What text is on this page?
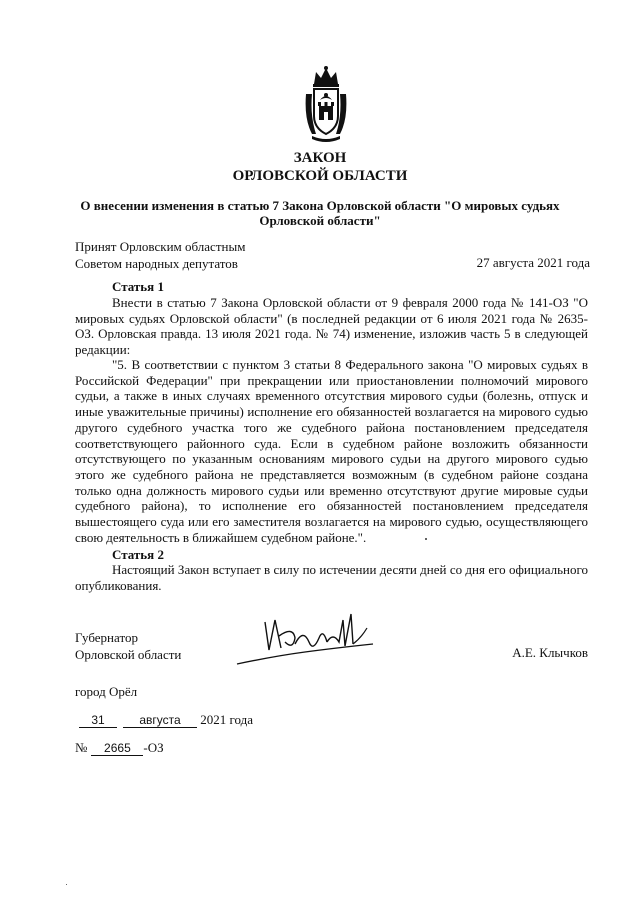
ЗАКОН
ОРЛОВСКОЙ ОБЛАСТИ
О внесении изменения в статью 7 Закона Орловской области "О мировых судьях Орловской области"
Принят Орловским областным
Советом народных депутатов	27 августа 2021 года
Статья 1

Внести в статью 7 Закона Орловской области от 9 февраля 2000 года № 141-ОЗ "О мировых судьях Орловской области" (в последней редакции от 6 июля 2021 года № 2635-ОЗ. Орловская правда. 13 июля 2021 года. № 74) изменение, изложив часть 5 в следующей редакции:

"5. В соответствии с пунктом 3 статьи 8 Федерального закона "О мировых судьях в Российской Федерации" при прекращении или приостановлении полномочий мирового судьи, а также в иных случаях временного отсутствия мирового судьи (болезнь, отпуск и иные уважительные причины) исполнение его обязанностей возлагается на мирового судью другого судебного участка того же судебного района постановлением председателя соответствующего районного суда. Если в судебном районе возложить обязанности отсутствующего по указанным основаниям мирового судьи на другого мирового судью этого же судебного района не представляется возможным (в судебном районе создана только одна должность мирового судьи или временно отсутствуют другие мировые судьи судебного района), то исполнение его обязанностей постановлением председателя вышестоящего суда или его заместителя возлагается на мирового судью, осуществляющего свою деятельность в ближайшем судебном районе.".

Статья 2

Настоящий Закон вступает в силу по истечении десяти дней со дня его официального опубликования.

Губернатор
Орловской области	А.Е. Клычков
город Орёл
31	августа 2021 года
№ 2665 -ОЗ
